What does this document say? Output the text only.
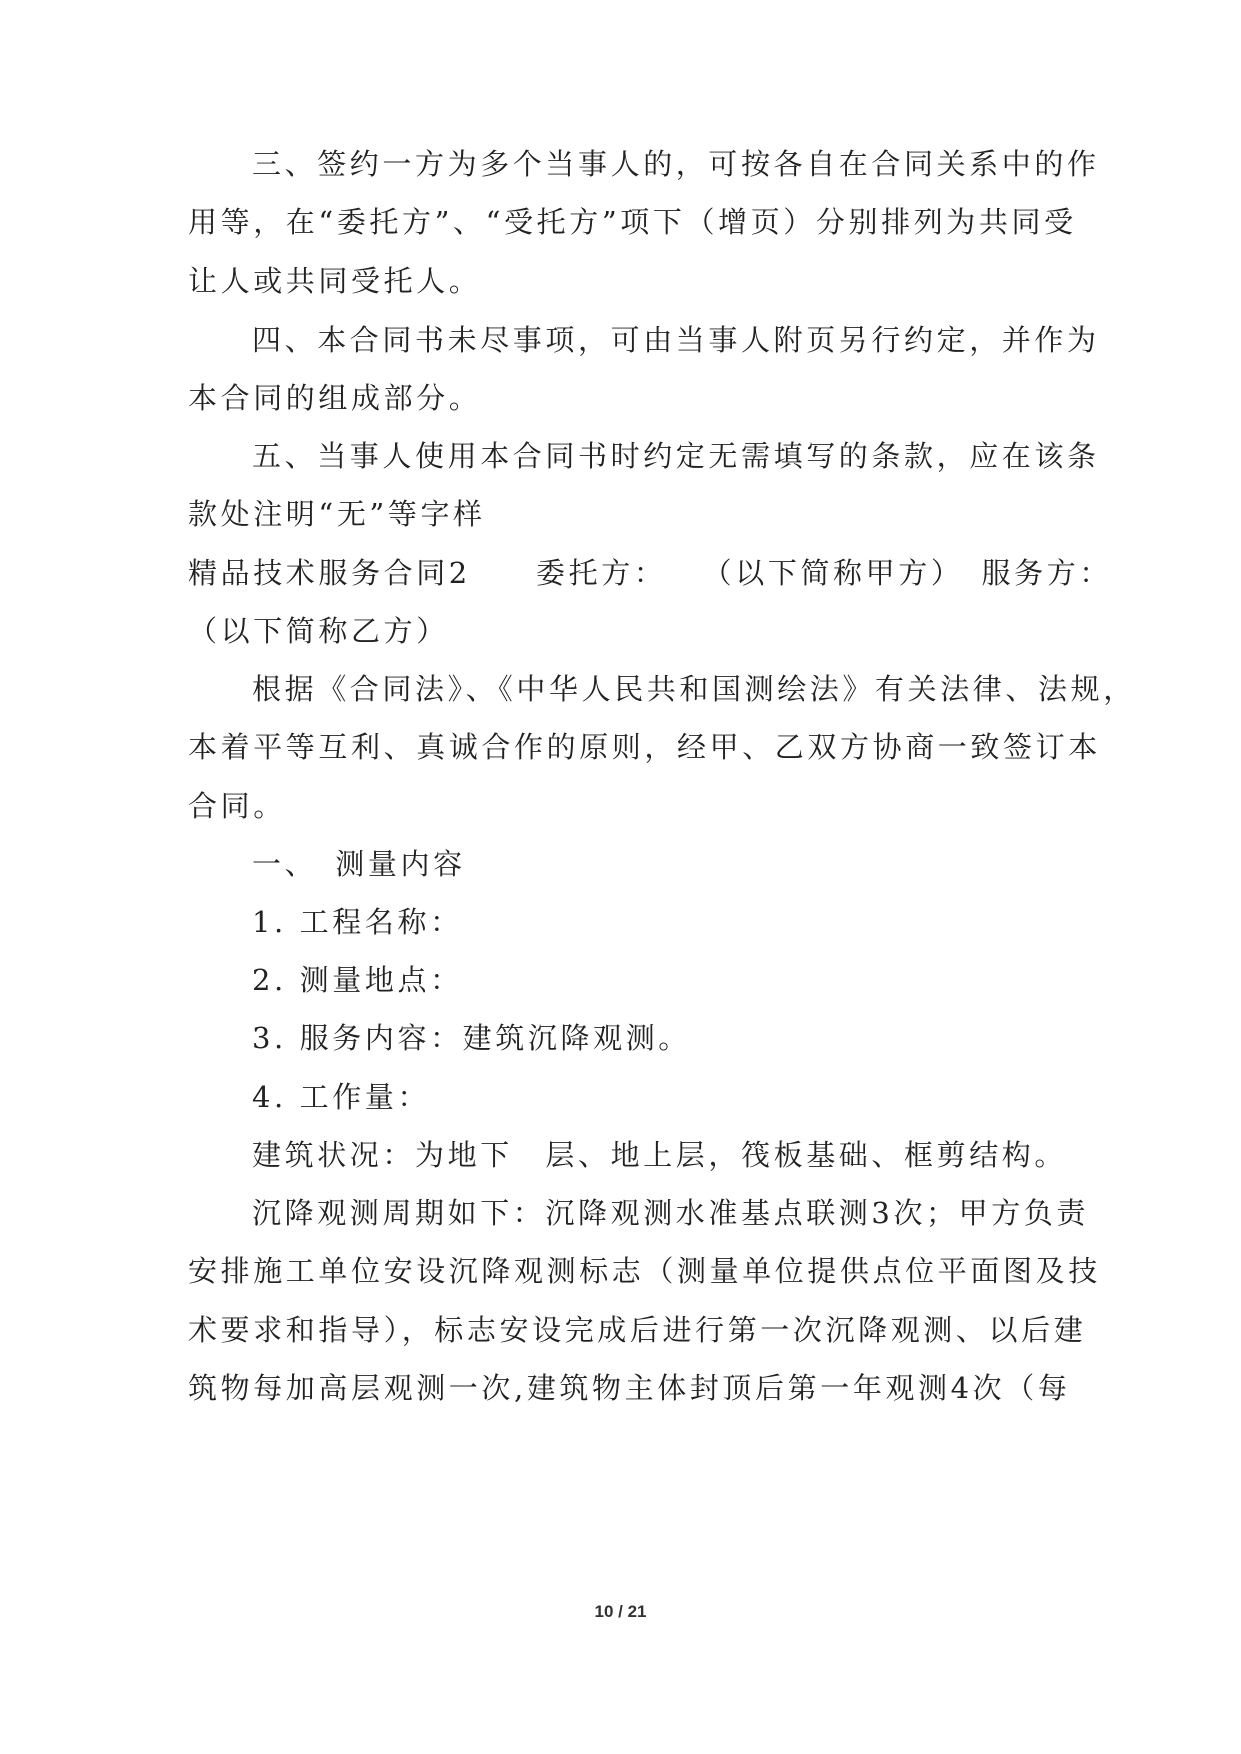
三、签约一方为多个当事人的，可按各自在合同关系中的作
用等，在“委托方”、“受托方”项下（增页）分别排列为共同受
让人或共同受托人。
四、本合同书未尽事项，可由当事人附页另行约定，并作为
本合同的组成部分。
五、当事人使用本合同书时约定无需填写的条款，应在该条
款处注明“无”等字样
精品技术服务合同2　　委托方：　　（以下简称甲方）　服务方：
（以下简称乙方）
根据《合同法》、《中华人民共和国测绘法》有关法律、法规，
本着平等互利、真诚合作的原则，经甲、乙双方协商一致签订本
合同。
一、　测量内容
1. 工程名称：
2. 测量地点：
3. 服务内容：建筑沉降观测。
4. 工作量：
建筑状况：为地下　层、地上层，筏板基础、框剪结构。
沉降观测周期如下：沉降观测水准基点联测3次；甲方负责
安排施工单位安设沉降观测标志（测量单位提供点位平面图及技
术要求和指导），标志安设完成后进行第一次沉降观测、以后建
筑物每加高层观测一次,建筑物主体封顶后第一年观测4次（每
10 / 21
